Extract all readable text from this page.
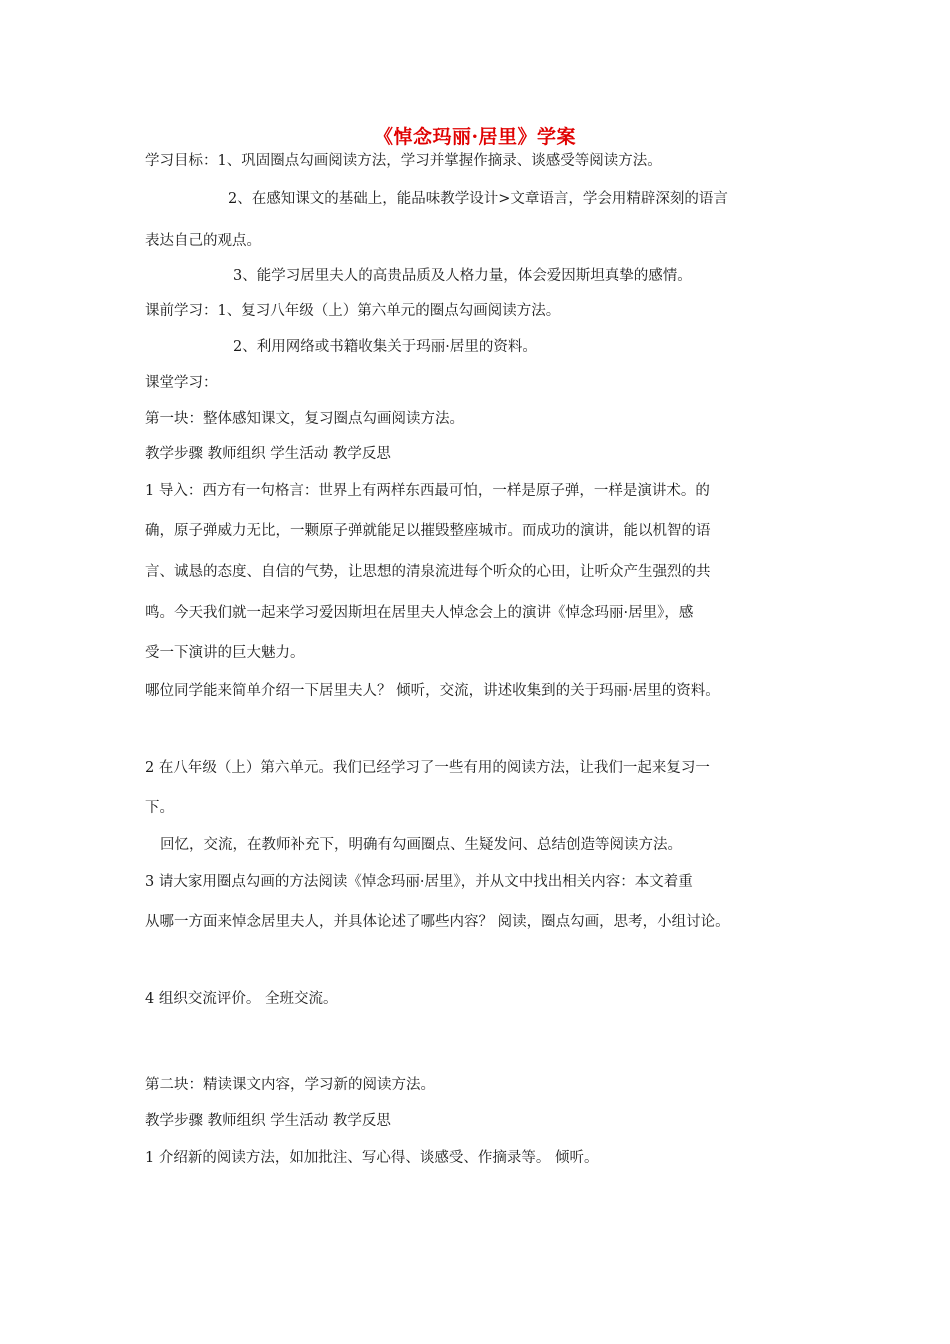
《悼念玛丽·居里》学案
学习目标：1、巩固圈点勾画阅读方法，学习并掌握作摘录、谈感受等阅读方法。
2、在感知课文的基础上，能品味教学设计>文章语言，学会用精辟深刻的语言
表达自己的观点。
3、能学习居里夫人的高贵品质及人格力量，体会爱因斯坦真挚的感情。
课前学习：1、复习八年级（上）第六单元的圈点勾画阅读方法。
2、利用网络或书籍收集关于玛丽·居里的资料。
课堂学习：
第一块：整体感知课文，复习圈点勾画阅读方法。
教学步骤 教师组织 学生活动 教学反思
1 导入：西方有一句格言：世界上有两样东西最可怕，一样是原子弹，一样是演讲术。的
确，原子弹威力无比，一颗原子弹就能足以摧毁整座城市。而成功的演讲，能以机智的语
言、诚恳的态度、自信的气势，让思想的清泉流进每个听众的心田，让听众产生强烈的共
鸣。今天我们就一起来学习爱因斯坦在居里夫人悼念会上的演讲《悼念玛丽·居里》，感
受一下演讲的巨大魅力。
哪位同学能来简单介绍一下居里夫人？ 倾听，交流，讲述收集到的关于玛丽·居里的资料。
2 在八年级（上）第六单元。我们已经学习了一些有用的阅读方法，让我们一起来复习一
下。
回忆，交流，在教师补充下，明确有勾画圈点、生疑发问、总结创造等阅读方法。
3 请大家用圈点勾画的方法阅读《悼念玛丽·居里》，并从文中找出相关内容：本文着重
从哪一方面来悼念居里夫人，并具体论述了哪些内容？ 阅读，圈点勾画，思考，小组讨论。
4 组织交流评价。 全班交流。
第二块：精读课文内容，学习新的阅读方法。
教学步骤 教师组织 学生活动 教学反思
1 介绍新的阅读方法，如加批注、写心得、谈感受、作摘录等。 倾听。
